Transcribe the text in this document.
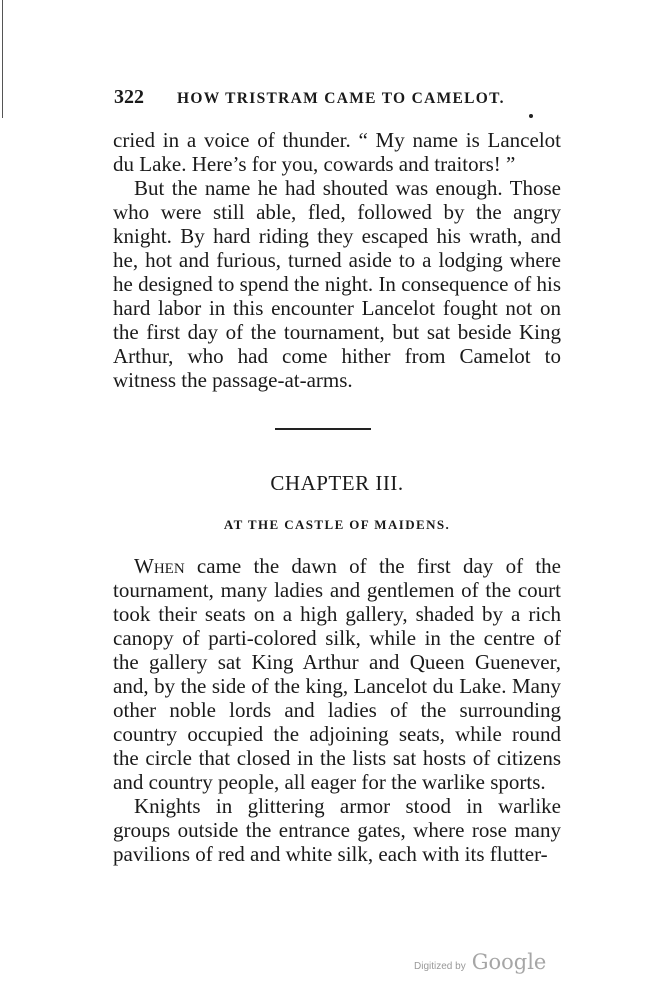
322 HOW TRISTRAM CAME TO CAMELOT.

cried in a voice of thunder. “ My name is Lancelot du Lake. Here’s for you, cowards and traitors! ”

But the name he had shouted was enough. Those who were still able, fled, followed by the angry knight. By hard riding they escaped his wrath, and he, hot and furious, turned aside to a lodging where he designed to spend the night. In consequence of his hard labor in this encounter Lancelot fought not on the first day of the tournament, but sat beside King Arthur, who had come hither from Camelot to witness the passage-at-arms.

CHAPTER III.
AT THE CASTLE OF MAIDENS.

When came the dawn of the first day of the tournament, many ladies and gentlemen of the court took their seats on a high gallery, shaded by a rich canopy of parti-colored silk, while in the centre of the gallery sat King Arthur and Queen Guenever, and, by the side of the king, Lancelot du Lake. Many other noble lords and ladies of the surrounding country occupied the adjoining seats, while round the circle that closed in the lists sat hosts of citizens and country people, all eager for the warlike sports.

Knights in glittering armor stood in warlike groups outside the entrance gates, where rose many pavilions of red and white silk, each with its flutter-

Digitized by Google
